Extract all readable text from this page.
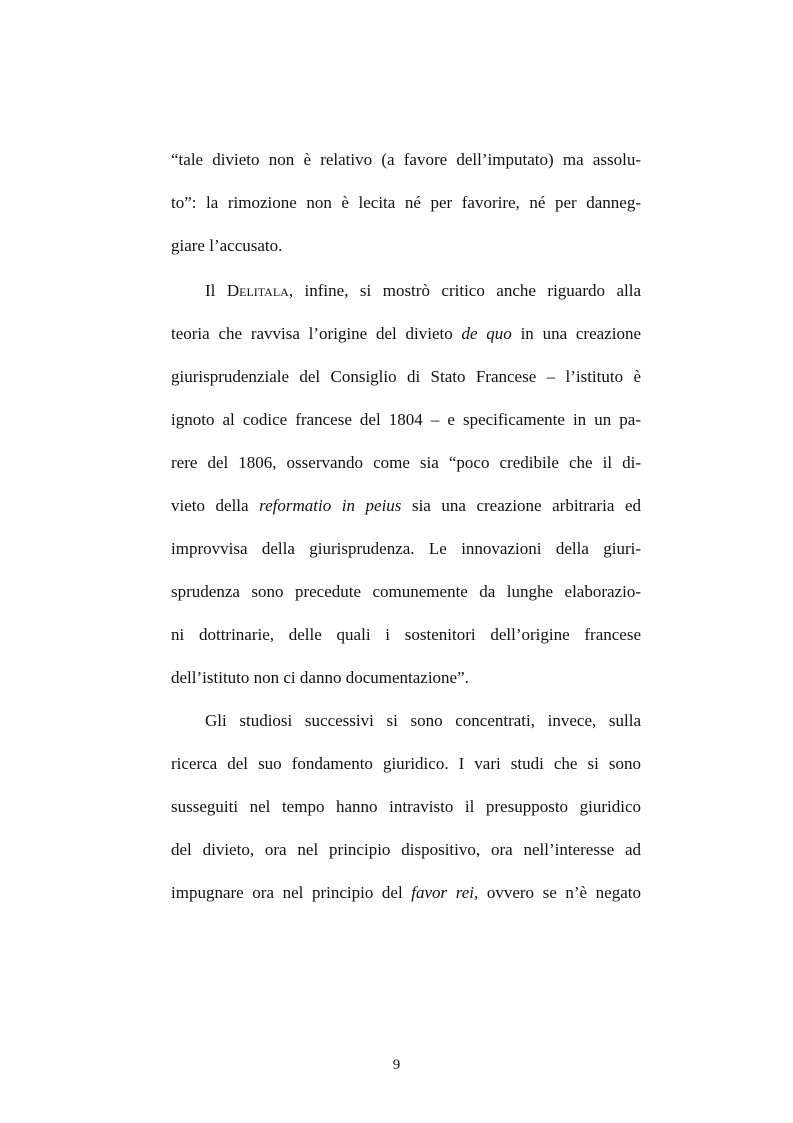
“tale divieto non è relativo (a favore dell’imputato) ma assolu-
to”: la rimozione non è lecita né per favorire, né per danneg-
giare l’accusato.
Il Delitala, infine, si mostrò critico anche riguardo alla
teoria che ravvisa l’origine del divieto de quo in una creazione
giurisprudenziale del Consiglio di Stato Francese – l’istituto è
ignoto al codice francese del 1804 – e specificamente in un pa-
rere del 1806, osservando come sia “poco credibile che il di-
vieto della reformatio in peius sia una creazione arbitraria ed
improvvisa della giurisprudenza. Le innovazioni della giuri-
sprudenza sono precedute comunemente da lunghe elaborazio-
ni dottrinarie, delle quali i sostenitori dell’origine francese
dell’istituto non ci danno documentazione”.
Gli studiosi successivi si sono concentrati, invece, sulla
ricerca del suo fondamento giuridico. I vari studi che si sono
susseguiti nel tempo hanno intravisto il presupposto giuridico
del divieto, ora nel principio dispositivo, ora nell’interesse ad
impugnare ora nel principio del favor rei, ovvero se n’è negato
9
